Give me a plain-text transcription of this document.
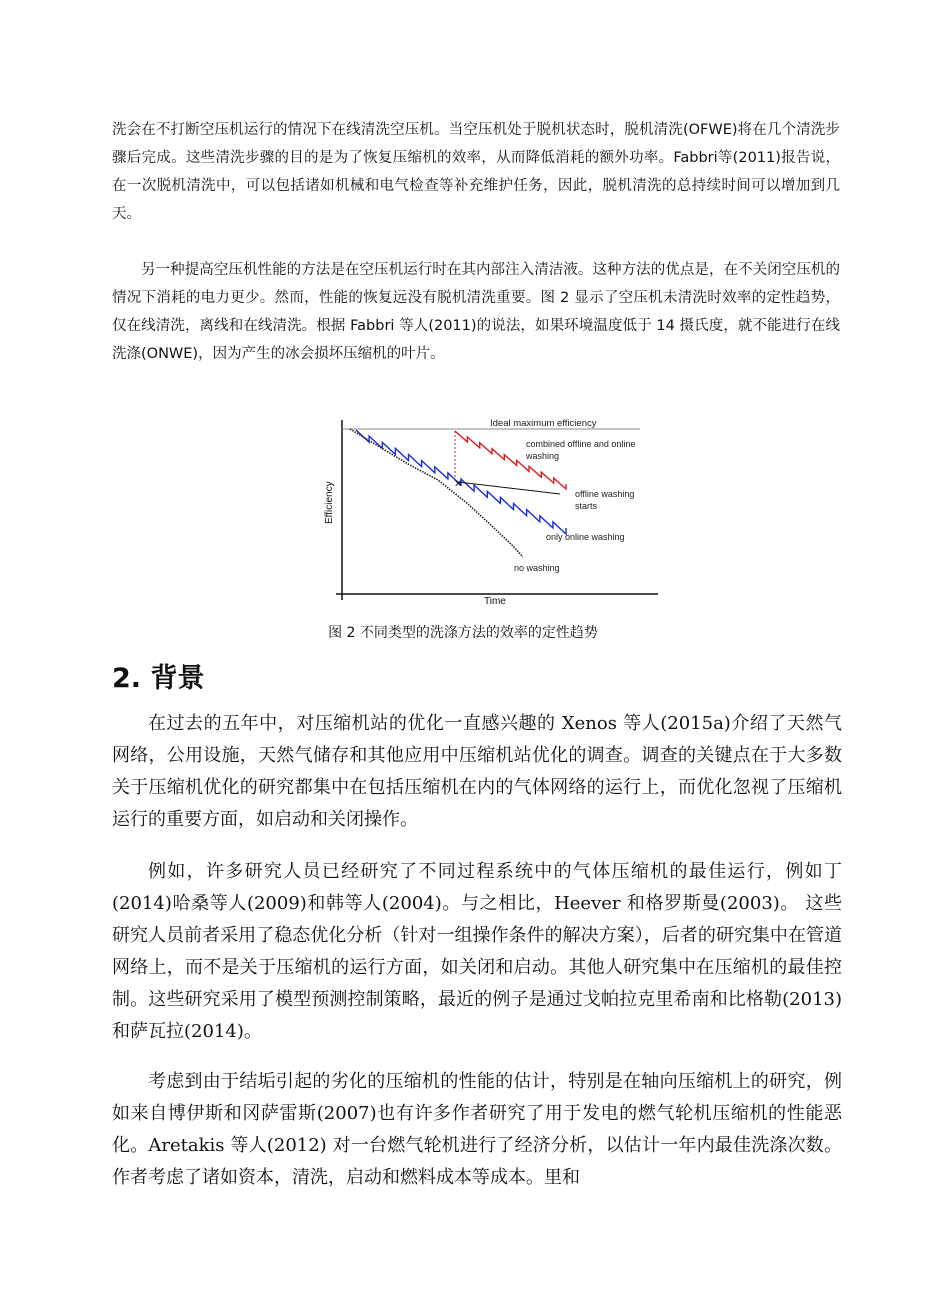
洗会在不打断空压机运行的情况下在线清洗空压机。当空压机处于脱机状态时，脱机清洗(OFWE)将在几个清洗步骤后完成。这些清洗步骤的目的是为了恢复压缩机的效率，从而降低消耗的额外功率。Fabbri等(2011)报告说，在一次脱机清洗中，可以包括诸如机械和电气检查等补充维护任务，因此，脱机清洗的总持续时间可以增加到几天。

另一种提高空压机性能的方法是在空压机运行时在其内部注入清洁液。这种方法的优点是，在不关闭空压机的情况下消耗的电力更少。然而，性能的恢复远没有脱机清洗重要。图 2 显示了空压机未清洗时效率的定性趋势，仅在线清洗，离线和在线清洗。根据 Fabbri 等人(2011)的说法，如果环境温度低于 14 摄氏度，就不能进行在线洗涤(ONWE)，因为产生的冰会损坏压缩机的叶片。

Ideal maximum efficiency
combined offline and online
washing
✕
offline washing
starts
only online washing
no washing
Time
Efficiency

图 2 不同类型的洗涤方法的效率的定性趋势

2. 背景

在过去的五年中，对压缩机站的优化一直感兴趣的 Xenos 等人(2015a)介绍了天然气网络，公用设施，天然气储存和其他应用中压缩机站优化的调查。调查的关键点在于大多数关于压缩机优化的研究都集中在包括压缩机在内的气体网络的运行上，而优化忽视了压缩机运行的重要方面，如启动和关闭操作。

例如，许多研究人员已经研究了不同过程系统中的气体压缩机的最佳运行，例如丁(2014)哈桑等人(2009)和韩等人(2004)。与之相比，Heever 和格罗斯曼(2003)。 这些研究人员前者采用了稳态优化分析（针对一组操作条件的解决方案），后者的研究集中在管道网络上，而不是关于压缩机的运行方面，如关闭和启动。其他人研究集中在压缩机的最佳控制。这些研究采用了模型预测控制策略，最近的例子是通过戈帕拉克里希南和比格勒(2013)和萨瓦拉(2014)。

考虑到由于结垢引起的劣化的压缩机的性能的估计，特别是在轴向压缩机上的研究，例如来自博伊斯和冈萨雷斯(2007)也有许多作者研究了用于发电的燃气轮机压缩机的性能恶化。Aretakis 等人(2012) 对一台燃气轮机进行了经济分析，以估计一年内最佳洗涤次数。作者考虑了诸如资本，清洗，启动和燃料成本等成本。里和
